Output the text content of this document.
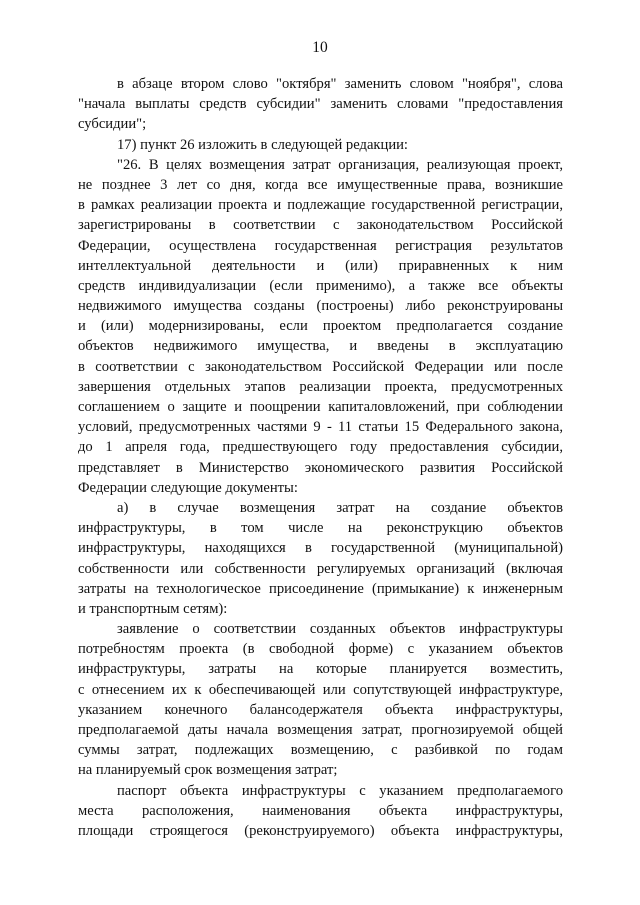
10
в абзаце втором слово "октября" заменить словом "ноября", слова
"начала выплаты средств субсидии" заменить словами "предоставления
субсидии";
17) пункт 26 изложить в следующей редакции:
"26. В целях возмещения затрат организация, реализующая проект,
не позднее 3 лет со дня, когда все имущественные права, возникшие
в рамках реализации проекта и подлежащие государственной регистрации,
зарегистрированы в соответствии с законодательством Российской
Федерации, осуществлена государственная регистрация результатов
интеллектуальной деятельности и (или) приравненных к ним
средств индивидуализации (если применимо), а также все объекты
недвижимого имущества созданы (построены) либо реконструированы
и (или) модернизированы, если проектом предполагается создание
объектов недвижимого имущества, и введены в эксплуатацию
в соответствии с законодательством Российской Федерации или после
завершения отдельных этапов реализации проекта, предусмотренных
соглашением о защите и поощрении капиталовложений, при соблюдении
условий, предусмотренных частями 9 - 11 статьи 15 Федерального закона,
до 1 апреля года, предшествующего году предоставления субсидии,
представляет в Министерство экономического развития Российской
Федерации следующие документы:
а) в случае возмещения затрат на создание объектов
инфраструктуры, в том числе на реконструкцию объектов
инфраструктуры, находящихся в государственной (муниципальной)
собственности или собственности регулируемых организаций (включая
затраты на технологическое присоединение (примыкание) к инженерным
и транспортным сетям):
заявление о соответствии созданных объектов инфраструктуры
потребностям проекта (в свободной форме) с указанием объектов
инфраструктуры, затраты на которые планируется возместить,
с отнесением их к обеспечивающей или сопутствующей инфраструктуре,
указанием конечного балансодержателя объекта инфраструктуры,
предполагаемой даты начала возмещения затрат, прогнозируемой общей
суммы затрат, подлежащих возмещению, с разбивкой по годам
на планируемый срок возмещения затрат;
паспорт объекта инфраструктуры с указанием предполагаемого
места расположения, наименования объекта инфраструктуры,
площади строящегося (реконструируемого) объекта инфраструктуры,
